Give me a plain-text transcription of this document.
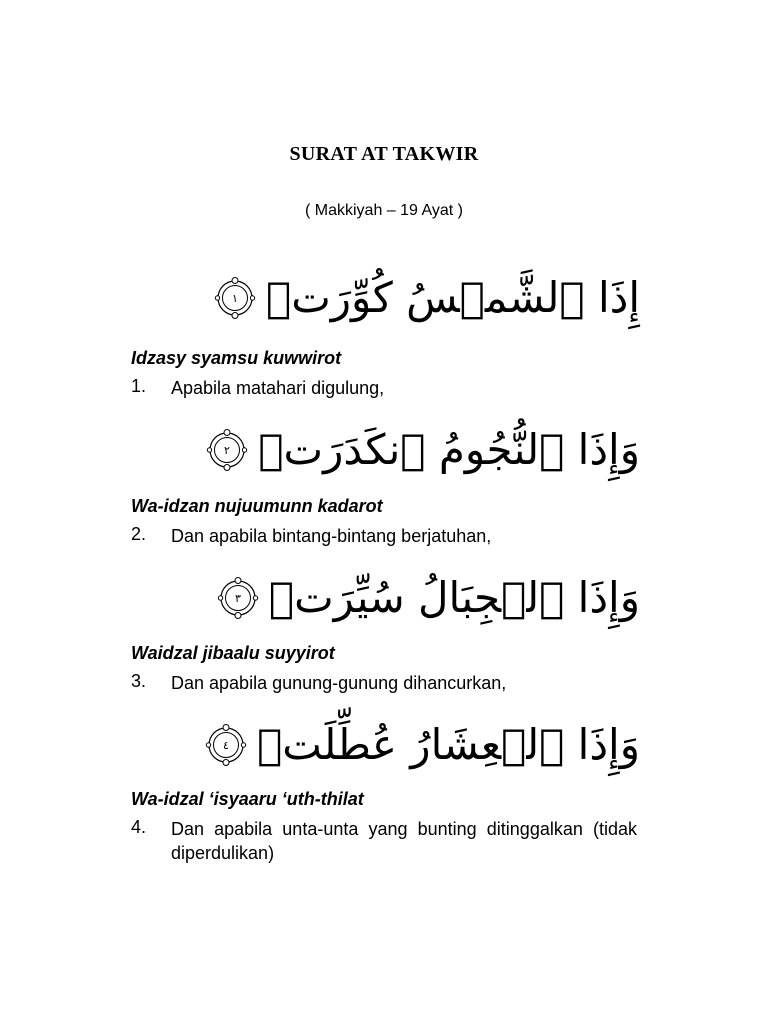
SURAT AT TAKWIR
( Makkiyah – 19 Ayat )
إِذَا ٱلشَّمۡسُ كُوِّرَتۡ
١
Idzasy syamsu kuwwirot
1. Apabila matahari digulung,
وَإِذَا ٱلنُّجُومُ ٱنكَدَرَتۡ
٢
Wa-idzan nujuumunn kadarot
2. Dan apabila bintang-bintang berjatuhan,
وَإِذَا ٱلۡجِبَالُ سُيِّرَتۡ
٣
Waidzal jibaalu suyyirot
3. Dan apabila gunung-gunung dihancurkan,
وَإِذَا ٱلۡعِشَارُ عُطِّلَتۡ
٤
Wa-idzal ‘isyaaru ‘uth-thilat
4. Dan apabila unta-unta yang bunting ditinggalkan (tidak diperdulikan)
